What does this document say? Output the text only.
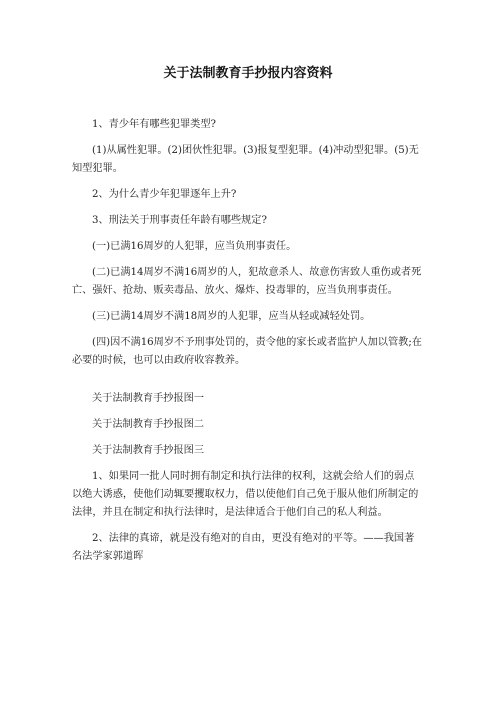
关于法制教育手抄报内容资料

1、青少年有哪些犯罪类型?

(1)从属性犯罪。(2)团伙性犯罪。(3)报复型犯罪。(4)冲动型犯罪。(5)无知型犯罪。

2、为什么青少年犯罪逐年上升?

3、刑法关于刑事责任年龄有哪些规定?

(一)已满16周岁的人犯罪，应当负刑事责任。

(二)已满14周岁不满16周岁的人，犯故意杀人、故意伤害致人重伤或者死亡、强奸、抢劫、贩卖毒品、放火、爆炸、投毒罪的，应当负刑事责任。

(三)已满14周岁不满18周岁的人犯罪，应当从轻或减轻处罚。

(四)因不满16周岁不予刑事处罚的，责令他的家长或者监护人加以管教;在必要的时候，也可以由政府收容教养。

关于法制教育手抄报图一

关于法制教育手抄报图二

关于法制教育手抄报图三

1、如果同一批人同时拥有制定和执行法律的权利，这就会给人们的弱点以绝大诱惑，使他们动辄要攫取权力，借以使他们自己免于服从他们所制定的法律，并且在制定和执行法律时，是法律适合于他们自己的私人利益。

2、法律的真谛，就是没有绝对的自由，更没有绝对的平等。——我国著名法学家郭道晖
